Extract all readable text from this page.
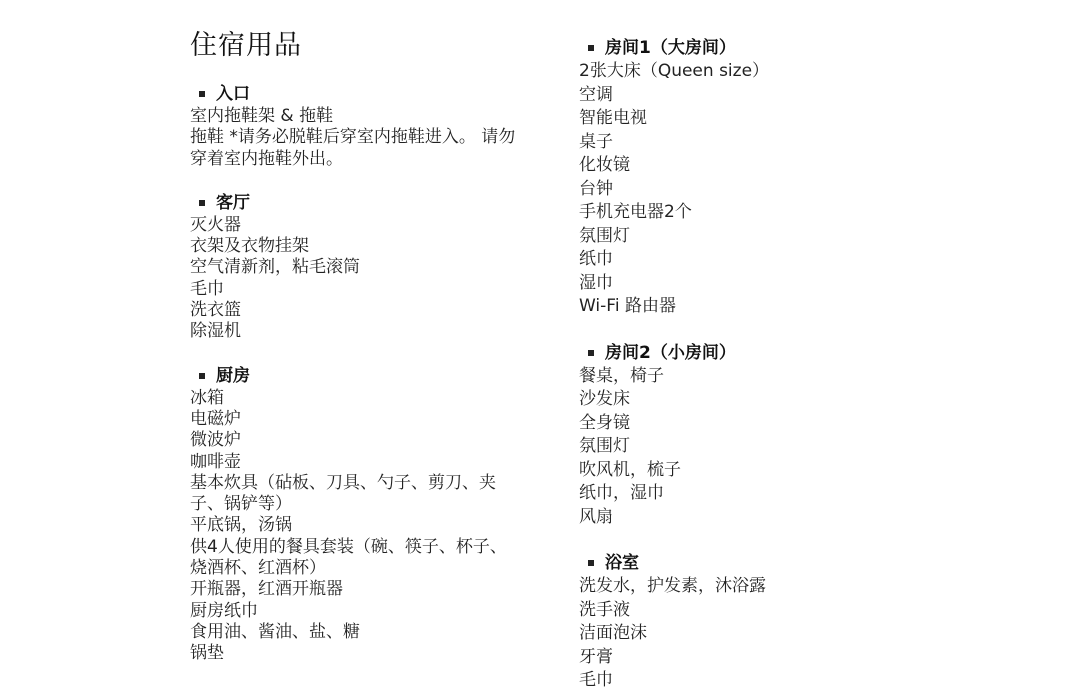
住宿用品
入口
室内拖鞋架 & 拖鞋
拖鞋 *请务必脱鞋后穿室内拖鞋进入。 请勿
穿着室内拖鞋外出。
客厅
灭火器
衣架及衣物挂架
空气清新剂，粘毛滚筒
毛巾
洗衣篮
除湿机
厨房
冰箱
电磁炉
微波炉
咖啡壶
基本炊具（砧板、刀具、勺子、剪刀、夹
子、锅铲等）
平底锅，汤锅
供4人使用的餐具套装（碗、筷子、杯子、
烧酒杯、红酒杯）
开瓶器，红酒开瓶器
厨房纸巾
食用油、酱油、盐、糖
锅垫
房间1（大房间）
2张大床（Queen size）
空调
智能电视
桌子
化妆镜
台钟
手机充电器2个
氛围灯
纸巾
湿巾
Wi-Fi 路由器
房间2（小房间）
餐桌，椅子
沙发床
全身镜
氛围灯
吹风机，梳子
纸巾，湿巾
风扇
浴室
洗发水，护发素，沐浴露
洗手液
洁面泡沫
牙膏
毛巾
